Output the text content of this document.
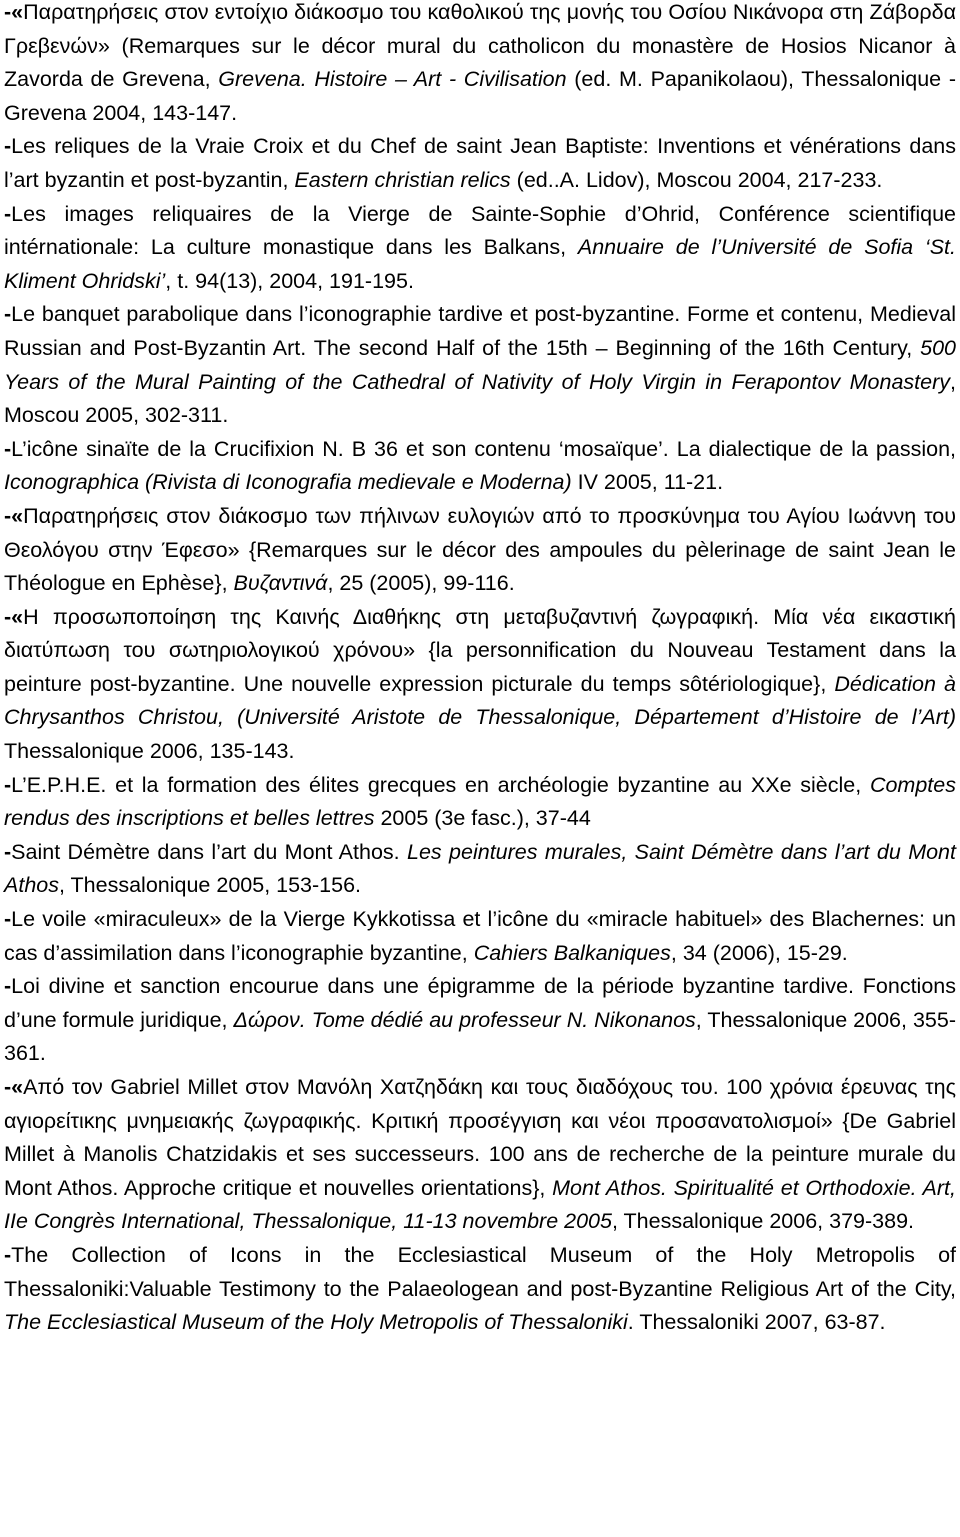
-«Παρατηρήσεις στον εντοίχιο διάκοσμο του καθολικού της μονής του Οσίου Νικάνορα στη Ζάβορδα Γρεβενών» (Remarques sur le décor mural du catholicon du monastère de Hosios Nicanor à Zavorda de Grevena, Grevena. Histoire – Art - Civilisation (ed. M. Papanikolaou), Thessalonique - Grevena 2004, 143-147.

-Les reliques de la Vraie Croix et du Chef de saint Jean Baptiste: Inventions et vénérations dans l’art byzantin et post-byzantin, Eastern christian relics (ed..A. Lidov), Moscou 2004, 217-233.

-Les images reliquaires de la Vierge de Sainte-Sophie d’Ohrid, Conférence scientifique intérnationale: La culture monastique dans les Balkans, Annuaire de l’Université de Sofia ‘St. Kliment Ohridski’, t. 94(13), 2004, 191-195.

-Le banquet parabolique dans l’iconographie tardive et post-byzantine. Forme et contenu, Medieval Russian and Post-Byzantin Art. The second Half of the 15th – Beginning of the 16th Century, 500 Years of the Mural Painting of the Cathedral of Nativity of Holy Virgin in Ferapontov Monastery, Moscou 2005, 302-311.

-L’icône sinaïte de la Crucifixion N. B 36 et son contenu ‘mosaïque’. La dialectique de la passion, Iconographica (Rivista di Iconografia medievale e Moderna) IV 2005, 11-21.

-«Παρατηρήσεις στον διάκοσμο των πήλινων ευλογιών από το προσκύνημα του Αγίου Ιωάννη του Θεολόγου στην Έφεσο» {Remarques sur le décor des ampoules du pèlerinage de saint Jean le Théologue en Ephèse}, Βυζαντινά, 25 (2005), 99-116.

-«Η προσωποποίηση της Καινής Διαθήκης στη μεταβυζαντινή ζωγραφική. Μία νέα εικαστική διατύπωση του σωτηριολογικού χρόνου» {la personnification du Nouveau Testament dans la peinture post-byzantine. Une nouvelle expression picturale du temps sôtériologique}, Dédication à Chrysanthos Christou, (Université Aristote de Thessalonique, Département d’Histoire de l’Art) Thessalonique 2006, 135-143.

-L’E.P.H.E. et la formation des élites grecques en archéologie byzantine au XXe siècle, Comptes rendus des inscriptions et belles lettres 2005 (3e fasc.), 37-44

-Saint Démètre dans l’art du Mont Athos. Les peintures murales, Saint Démètre dans l’art du Mont Athos, Thessalonique 2005, 153-156.

-Le voile «miraculeux» de la Vierge Kykkotissa et l’icône du «miracle habituel» des Blachernes: un cas d’assimilation dans l’iconographie byzantine, Cahiers Balkaniques, 34 (2006), 15-29.

-Loi divine et sanction encourue dans une épigramme de la période byzantine tardive. Fonctions d’une formule juridique, Δώρον. Tome dédié au professeur N. Nikonanos, Thessalonique 2006, 355-361.

-«Από τον Gabriel Millet στον Μανόλη Χατζηδάκη και τους διαδόχους του. 100 χρόνια έρευνας της αγιορείτικης μνημειακής ζωγραφικής. Κριτική προσέγγιση και νέοι προσανατολισμοί» {De Gabriel Millet à Manolis Chatzidakis et ses successeurs. 100 ans de recherche de la peinture murale du Mont Athos. Approche critique et nouvelles orientations}, Mont Athos. Spiritualité et Orthodoxie. Art, IIe Congrès International, Thessalonique, 11-13 novembre 2005, Thessalonique 2006, 379-389.

-The Collection of Icons in the Ecclesiastical Museum of the Holy Metropolis of Thessaloniki:Valuable Testimony to the Palaeologean and post-Byzantine Religious Art of the City, The Ecclesiastical Museum of the Holy Metropolis of Thessaloniki. Thessaloniki 2007, 63-87.
